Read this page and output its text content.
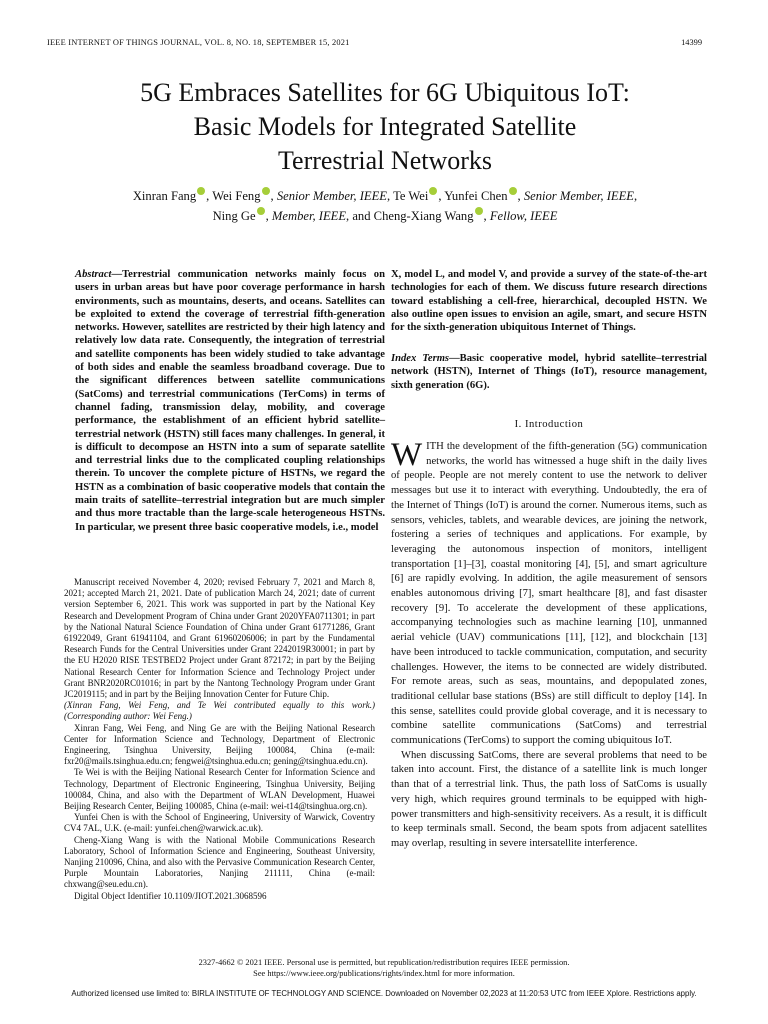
IEEE INTERNET OF THINGS JOURNAL, VOL. 8, NO. 18, SEPTEMBER 15, 2021	14399
5G Embraces Satellites for 6G Ubiquitous IoT:
Basic Models for Integrated Satellite
Terrestrial Networks
Xinran Fang , Wei Feng , Senior Member, IEEE, Te Wei , Yunfei Chen , Senior Member, IEEE,
Ning Ge , Member, IEEE, and Cheng-Xiang Wang , Fellow, IEEE
Abstract—Terrestrial communication networks mainly focus on users in urban areas but have poor coverage performance in harsh environments, such as mountains, deserts, and oceans. Satellites can be exploited to extend the coverage of terrestrial fifth-generation networks. However, satellites are restricted by their high latency and relatively low data rate. Consequently, the integration of terrestrial and satellite components has been widely studied to take advantage of both sides and enable the seamless broadband coverage. Due to the significant differences between satellite communications (SatComs) and terrestrial communications (TerComs) in terms of channel fading, transmission delay, mobility, and coverage performance, the establishment of an efficient hybrid satellite–terrestrial network (HSTN) still faces many challenges. In general, it is difficult to decompose an HSTN into a sum of separate satellite and terrestrial links due to the complicated coupling relationships therein. To uncover the complete picture of HSTNs, we regard the HSTN as a combination of basic cooperative models that contain the main traits of satellite–terrestrial integration but are much simpler and thus more tractable than the large-scale heterogeneous HSTNs. In particular, we present three basic cooperative models, i.e., model
X, model L, and model V, and provide a survey of the state-of-the-art technologies for each of them. We discuss future research directions toward establishing a cell-free, hierarchical, decoupled HSTN. We also outline open issues to envision an agile, smart, and secure HSTN for the sixth-generation ubiquitous Internet of Things.
Index Terms—Basic cooperative model, hybrid satellite–terrestrial network (HSTN), Internet of Things (IoT), resource management, sixth generation (6G).
I. Introduction

WITH the development of the fifth-generation (5G) communication networks, the world has witnessed a huge shift in the daily lives of people. People are not merely content to use the network to deliver messages but use it to interact with everything. Undoubtedly, the era of the Internet of Things (IoT) is around the corner. Numerous items, such as sensors, vehicles, tablets, and wearable devices, are joining the network, fostering a series of techniques and applications. For example, by leveraging the autonomous inspection of monitors, intelligent transportation [1]–[3], coastal monitoring [4], [5], and smart agriculture [6] are rapidly evolving. In addition, the agile measurement of sensors enables autonomous driving [7], smart healthcare [8], and fast disaster recovery [9]. To accelerate the development of these applications, accompanying technologies such as machine learning [10], unmanned aerial vehicle (UAV) communications [11], [12], and blockchain [13] have been introduced to tackle communication, computation, and security challenges. However, the items to be connected are widely distributed. For remote areas, such as seas, mountains, and depopulated zones, traditional cellular base stations (BSs) are still difficult to deploy [14]. In this sense, satellites could provide global coverage, and it is necessary to combine satellite communications (SatComs) and terrestrial communications (TerComs) to support the coming ubiquitous IoT.

When discussing SatComs, there are several problems that need to be taken into account. First, the distance of a satellite link is much longer than that of a terrestrial link. Thus, the path loss of SatComs is usually very high, which requires ground terminals to be equipped with high-power transmitters and high-sensitivity receivers. As a result, it is difficult to keep terminals small. Second, the beam spots from adjacent satellites may overlap, resulting in severe intersatellite interference.

Manuscript received November 4, 2020; revised February 7, 2021 and March 8, 2021; accepted March 21, 2021. Date of publication March 24, 2021; date of current version September 6, 2021. This work was supported in part by the National Key Research and Development Program of China under Grant 2020YFA0711301; in part by the National Natural Science Foundation of China under Grant 61771286, Grant 61922049, Grant 61941104, and Grant 61960206006; in part by the Fundamental Research Funds for the Central Universities under Grant 2242019R30001; in part by the EU H2020 RISE TESTBED2 Project under Grant 872172; in part by the Beijing National Research Center for Information Science and Technology Project under Grant BNR2020RC01016; in part by the Nantong Technology Program under Grant JC2019115; and in part by the Beijing Innovation Center for Future Chip.

(Xinran Fang, Wei Feng, and Te Wei contributed equally to this work.) (Corresponding author: Wei Feng.)

Xinran Fang, Wei Feng, and Ning Ge are with the Beijing National Research Center for Information Science and Technology, Department of Electronic Engineering, Tsinghua University, Beijing 100084, China (e-mail: fxr20@mails.tsinghua.edu.cn; fengwei@tsinghua.edu.cn; gening@tsinghua.edu.cn).

Te Wei is with the Beijing National Research Center for Information Science and Technology, Department of Electronic Engineering, Tsinghua University, Beijing 100084, China, and also with the Department of WLAN Development, Huawei Beijing Research Center, Beijing 100085, China (e-mail: wei-t14@tsinghua.org.cn).

Yunfei Chen is with the School of Engineering, University of Warwick, Coventry CV4 7AL, U.K. (e-mail: yunfei.chen@warwick.ac.uk).

Cheng-Xiang Wang is with the National Mobile Communications Research Laboratory, School of Information Science and Engineering, Southeast University, Nanjing 210096, China, and also with the Pervasive Communication Research Center, Purple Mountain Laboratories, Nanjing 211111, China (e-mail: chxwang@seu.edu.cn).

Digital Object Identifier 10.1109/JIOT.2021.3068596

2327-4662 © 2021 IEEE. Personal use is permitted, but republication/redistribution requires IEEE permission.
See https://www.ieee.org/publications/rights/index.html for more information.
Authorized licensed use limited to: BIRLA INSTITUTE OF TECHNOLOGY AND SCIENCE. Downloaded on November 02,2023 at 11:20:53 UTC from IEEE Xplore. Restrictions apply.
